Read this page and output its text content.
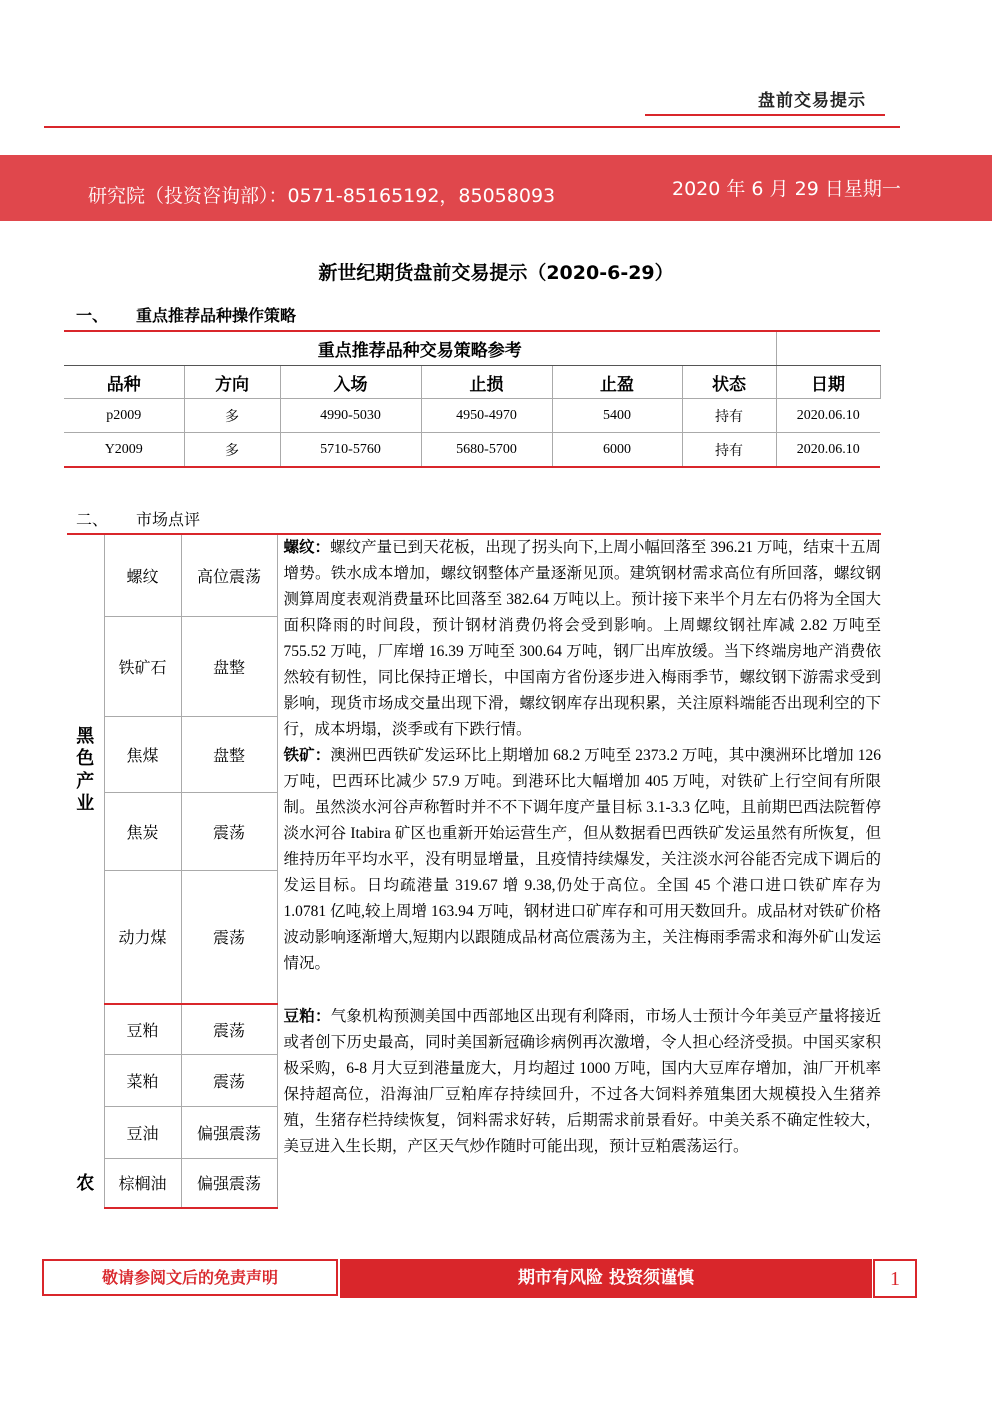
盘前交易提示
研究院（投资咨询部）：0571-85165192，85058093	2020 年 6 月 29 日星期一
新世纪期货盘前交易提示（2020-6-29）
一、 重点推荐品种操作策略
重点推荐品种交易策略参考						
品种	方向	入场	止损	止盈	状态	日期
p2009	多	4990-5030	4950-4970	5400	持有	2020.06.10
Y2009	多	5710-5760	5680-5700	6000	持有	2020.06.10
二、 市场点评
黑色产业	螺纹	高位震荡	螺纹：螺纹产量已到天花板，出现了拐头向下,上周小幅回落至 396.21 万吨，结束十五周增势。铁水成本增加，螺纹钢整体产量逐渐见顶。建筑钢材需求高位有所回落，螺纹钢测算周度表观消费量环比回落至 382.64 万吨以上。预计接下来半个月左右仍将为全国大面积降雨的时间段，预计钢材消费仍将会受到影响。上周螺纹钢社库减 2.82 万吨至 755.52 万吨，厂库增 16.39 万吨至 300.64 万吨，钢厂出库放缓。当下终端房地产消费依然较有韧性，同比保持正增长，中国南方省份逐步进入梅雨季节，螺纹钢下游需求受到影响，现货市场成交量出现下滑，螺纹钢库存出现积累，关注原料端能否出现利空的下行，成本坍塌，淡季或有下跌行情。

铁矿：澳洲巴西铁矿发运环比上期增加 68.2 万吨至 2373.2 万吨，其中澳洲环比增加 126 万吨，巴西环比减少 57.9 万吨。到港环比大幅增加 405 万吨，对铁矿上行空间有所限制。虽然淡水河谷声称暂时并不不下调年度产量目标 3.1-3.3 亿吨，且前期巴西法院暂停淡水河谷 Itabira 矿区也重新开始运营生产，但从数据看巴西铁矿发运虽然有所恢复，但维持历年平均水平，没有明显增量，且疫情持续爆发，关注淡水河谷能否完成下调后的发运目标。日均疏港量 319.67 增 9.38,仍处于高位。全国 45 个港口进口铁矿库存为 1.0781 亿吨,较上周增 163.94 万吨，钢材进口矿库存和可用天数回升。成品材对铁矿价格波动影响逐渐增大,短期内以跟随成品材高位震荡为主，关注梅雨季需求和海外矿山发运情况。

	铁矿石	盘整	
	焦煤	盘整	
	焦炭	震荡	
	动力煤	震荡	
农	豆粕	震荡	豆粕：气象机构预测美国中西部地区出现有利降雨，市场人士预计今年美豆产量将接近或者创下历史最高，同时美国新冠确诊病例再次激增，令人担心经济受损。中国买家积极采购，6-8 月大豆到港量庞大，月均超过 1000 万吨，国内大豆库存增加，油厂开机率保持超高位，沿海油厂豆粕库存持续回升，不过各大饲料养殖集团大规模投入生猪养殖，生猪存栏持续恢复，饲料需求好转，后期需求前景看好。中美关系不确定性较大，美豆进入生长期，产区天气炒作随时可能出现，预计豆粕震荡运行。

	菜粕	震荡	
	豆油	偏强震荡	
	棕榈油	偏强震荡	
敬请参阅文后的免责声明	期市有风险 投资须谨慎	1
